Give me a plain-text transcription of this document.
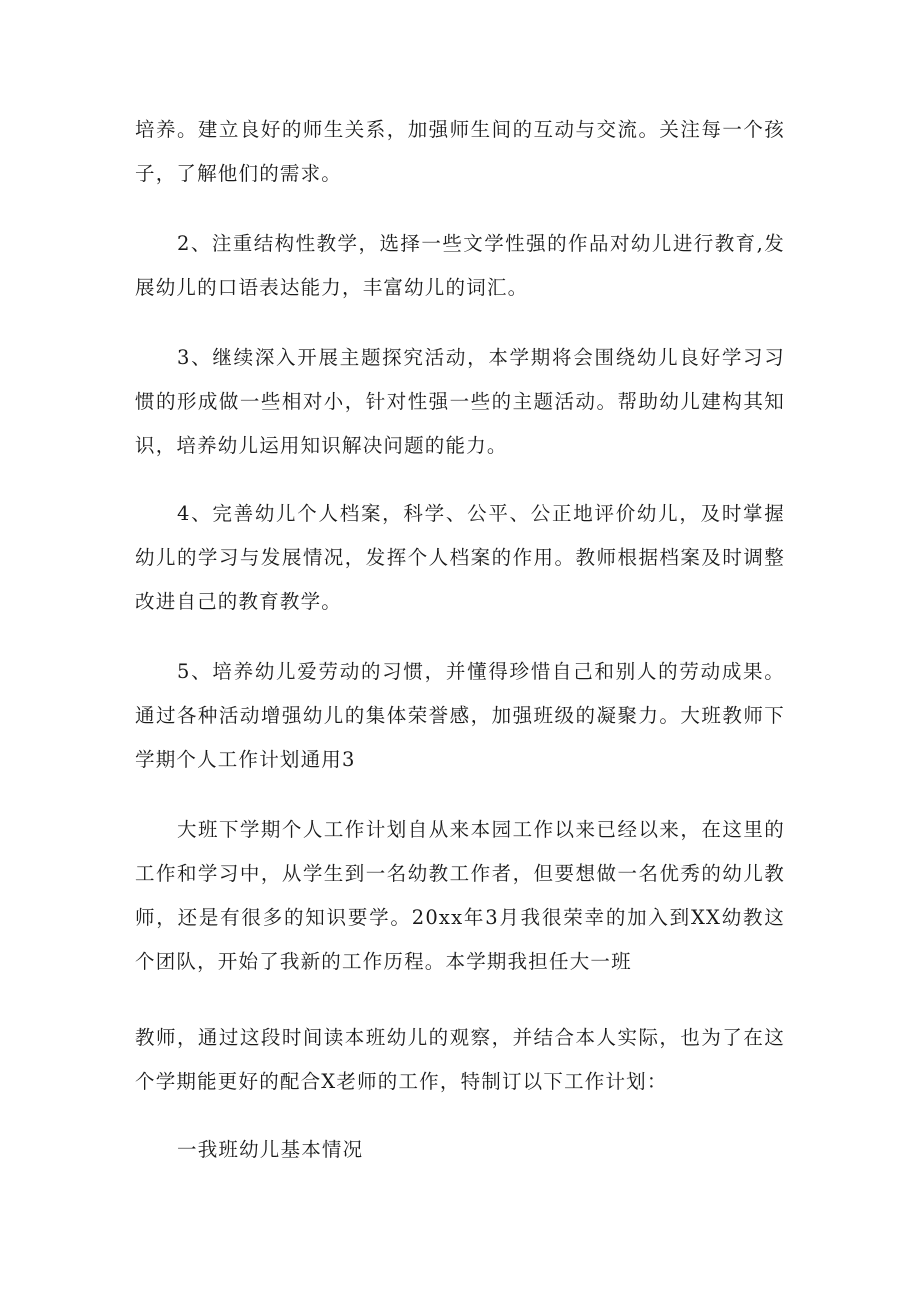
培养。建立良好的师生关系，加强师生间的互动与交流。关注每一个孩子，了解他们的需求。

2、注重结构性教学，选择一些文学性强的作品对幼儿进行教育,发展幼儿的口语表达能力，丰富幼儿的词汇。

3、继续深入开展主题探究活动，本学期将会围绕幼儿良好学习习惯的形成做一些相对小，针对性强一些的主题活动。帮助幼儿建构其知识，培养幼儿运用知识解决问题的能力。

4、完善幼儿个人档案，科学、公平、公正地评价幼儿，及时掌握幼儿的学习与发展情况，发挥个人档案的作用。教师根据档案及时调整改进自己的教育教学。

5、培养幼儿爱劳动的习惯，并懂得珍惜自己和别人的劳动成果。通过各种活动增强幼儿的集体荣誉感，加强班级的凝聚力。大班教师下学期个人工作计划通用3

大班下学期个人工作计划自从来本园工作以来已经以来，在这里的工作和学习中，从学生到一名幼教工作者，但要想做一名优秀的幼儿教师，还是有很多的知识要学。20xx年3月我很荣幸的加入到XX幼教这个团队，开始了我新的工作历程。本学期我担任大一班

教师，通过这段时间读本班幼儿的观察，并结合本人实际，也为了在这个学期能更好的配合X老师的工作，特制订以下工作计划：

一我班幼儿基本情况
